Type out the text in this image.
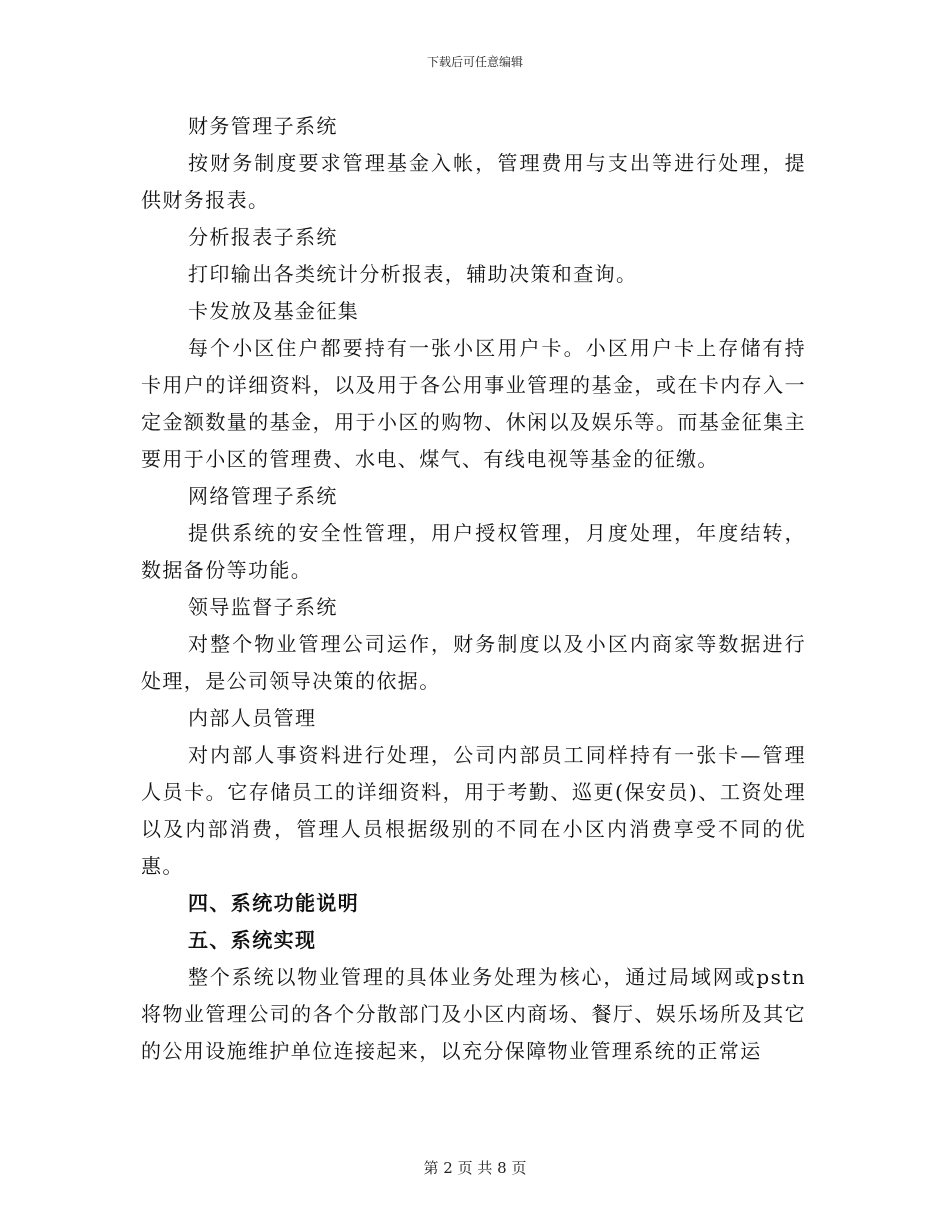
下载后可任意编辑

财务管理子系统

按财务制度要求管理基金入帐，管理费用与支出等进行处理，提供财务报表。

分析报表子系统

打印输出各类统计分析报表，辅助决策和查询。

卡发放及基金征集

每个小区住户都要持有一张小区用户卡。小区用户卡上存储有持卡用户的详细资料，以及用于各公用事业管理的基金，或在卡内存入一定金额数量的基金，用于小区的购物、休闲以及娱乐等。而基金征集主要用于小区的管理费、水电、煤气、有线电视等基金的征缴。

网络管理子系统

提供系统的安全性管理，用户授权管理，月度处理，年度结转，数据备份等功能。

领导监督子系统

对整个物业管理公司运作，财务制度以及小区内商家等数据进行处理，是公司领导决策的依据。

内部人员管理

对内部人事资料进行处理，公司内部员工同样持有一张卡—管理人员卡。它存储员工的详细资料，用于考勤、巡更(保安员)、工资处理以及内部消费，管理人员根据级别的不同在小区内消费享受不同的优惠。

四、系统功能说明

五、系统实现

整个系统以物业管理的具体业务处理为核心，通过局域网或pstn将物业管理公司的各个分散部门及小区内商场、餐厅、娱乐场所及其它的公用设施维护单位连接起来，以充分保障物业管理系统的正常运

第 2 页 共 8 页
